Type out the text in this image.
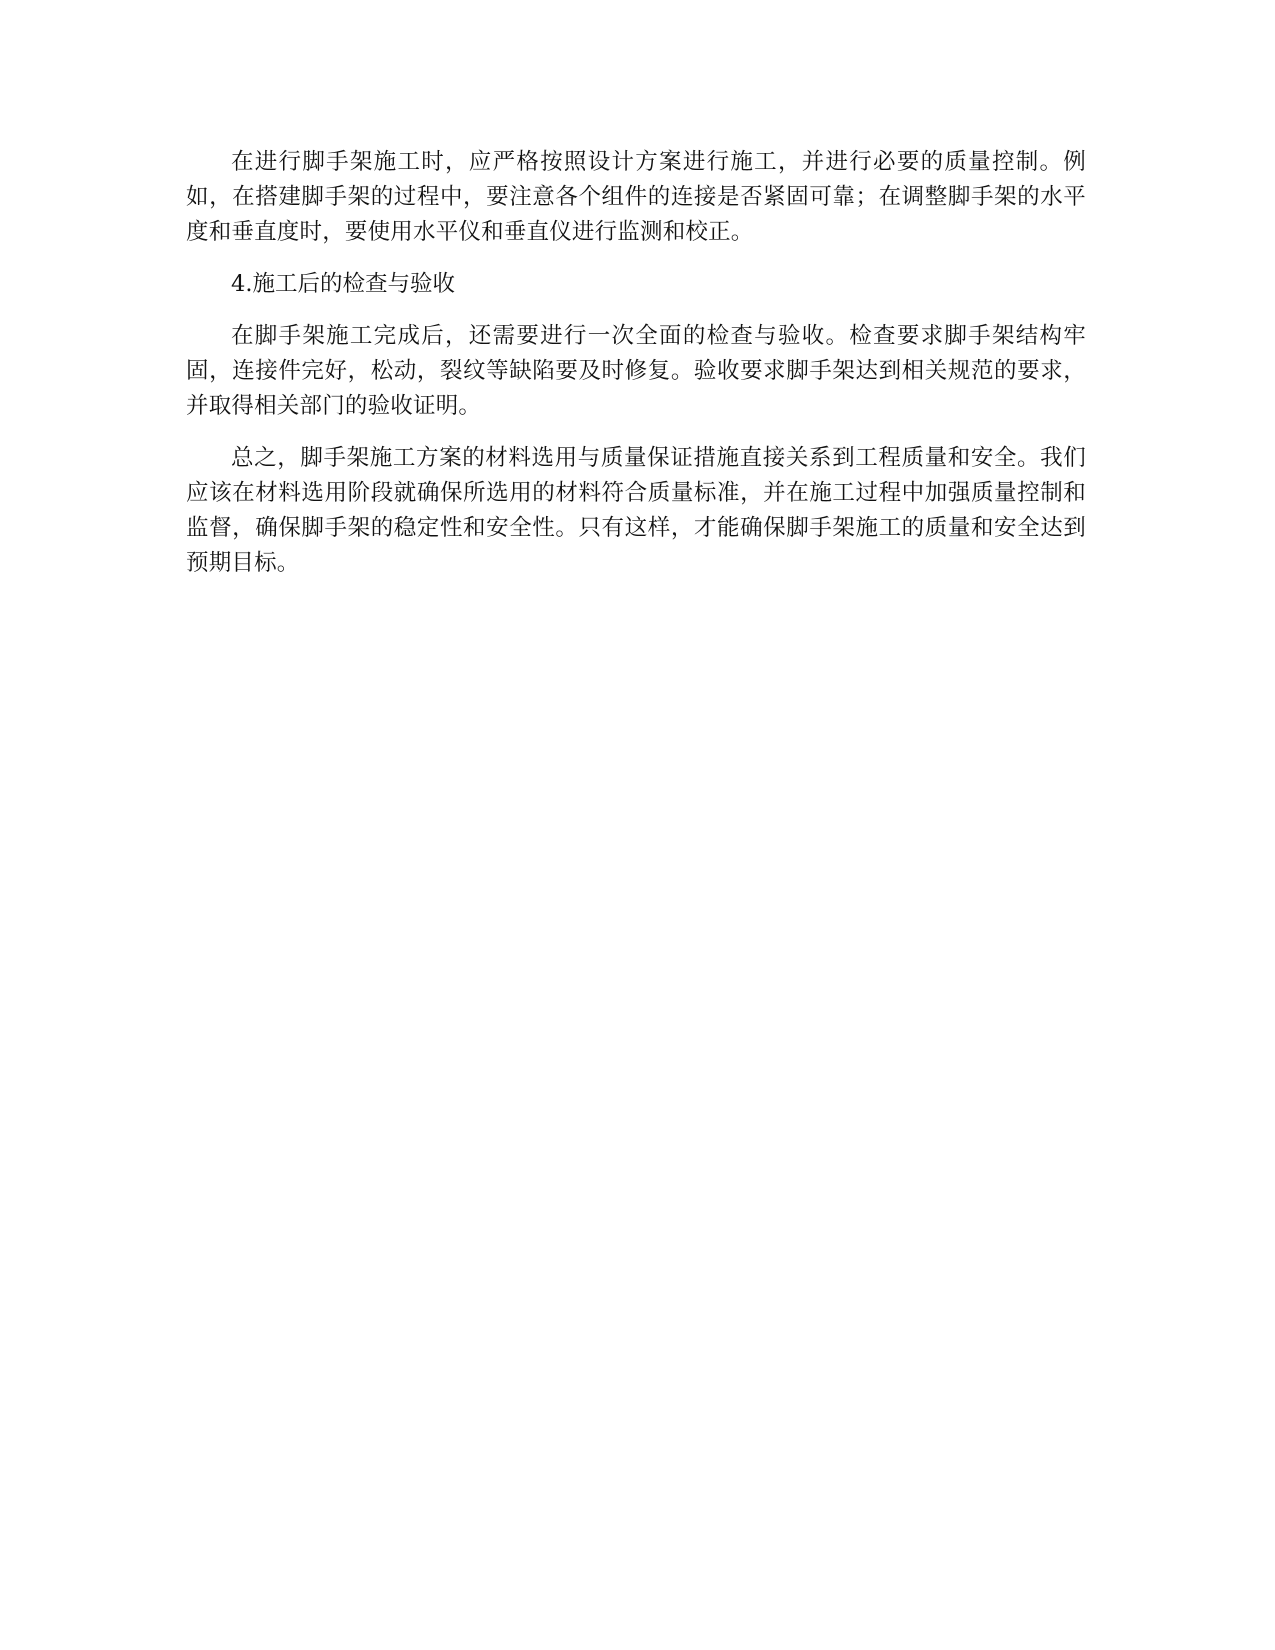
在进行脚手架施工时，应严格按照设计方案进行施工，并进行必要的质量控制。例如，在搭建脚手架的过程中，要注意各个组件的连接是否紧固可靠；在调整脚手架的水平度和垂直度时，要使用水平仪和垂直仪进行监测和校正。

4.施工后的检查与验收

在脚手架施工完成后，还需要进行一次全面的检查与验收。检查要求脚手架结构牢固，连接件完好，松动，裂纹等缺陷要及时修复。验收要求脚手架达到相关规范的要求，并取得相关部门的验收证明。

总之，脚手架施工方案的材料选用与质量保证措施直接关系到工程质量和安全。我们应该在材料选用阶段就确保所选用的材料符合质量标准，并在施工过程中加强质量控制和监督，确保脚手架的稳定性和安全性。只有这样，才能确保脚手架施工的质量和安全达到预期目标。
